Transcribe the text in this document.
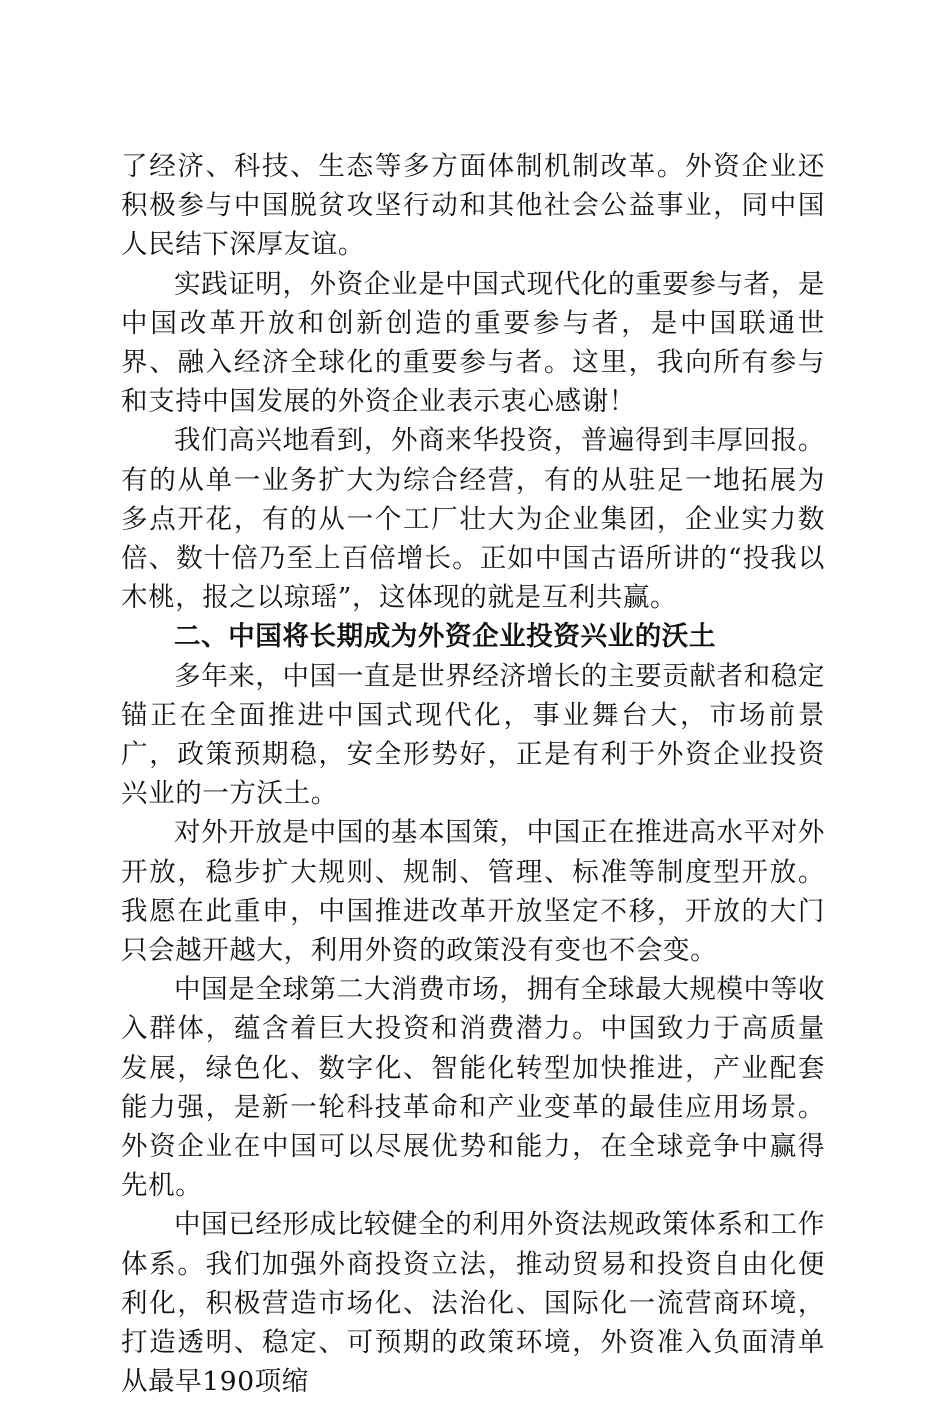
了经济、科技、生态等多方面体制机制改革。外资企业还积极参与中国脱贫攻坚行动和其他社会公益事业，同中国人民结下深厚友谊。

实践证明，外资企业是中国式现代化的重要参与者，是中国改革开放和创新创造的重要参与者，是中国联通世界、融入经济全球化的重要参与者。这里，我向所有参与和支持中国发展的外资企业表示衷心感谢！

我们高兴地看到，外商来华投资，普遍得到丰厚回报。有的从单一业务扩大为综合经营，有的从驻足一地拓展为多点开花，有的从一个工厂壮大为企业集团，企业实力数倍、数十倍乃至上百倍增长。正如中国古语所讲的“投我以木桃，报之以琼瑶”，这体现的就是互利共赢。

二、中国将长期成为外资企业投资兴业的沃土

多年来，中国一直是世界经济增长的主要贡献者和稳定锚正在全面推进中国式现代化，事业舞台大，市场前景广，政策预期稳，安全形势好，正是有利于外资企业投资兴业的一方沃土。

对外开放是中国的基本国策，中国正在推进高水平对外开放，稳步扩大规则、规制、管理、标准等制度型开放。我愿在此重申，中国推进改革开放坚定不移，开放的大门只会越开越大，利用外资的政策没有变也不会变。

中国是全球第二大消费市场，拥有全球最大规模中等收入群体，蕴含着巨大投资和消费潜力。中国致力于高质量发展，绿色化、数字化、智能化转型加快推进，产业配套能力强，是新一轮科技革命和产业变革的最佳应用场景。外资企业在中国可以尽展优势和能力，在全球竞争中赢得先机。

中国已经形成比较健全的利用外资法规政策体系和工作体系。我们加强外商投资立法，推动贸易和投资自由化便利化，积极营造市场化、法治化、国际化一流营商环境，打造透明、稳定、可预期的政策环境，外资准入负面清单从最早190项缩
